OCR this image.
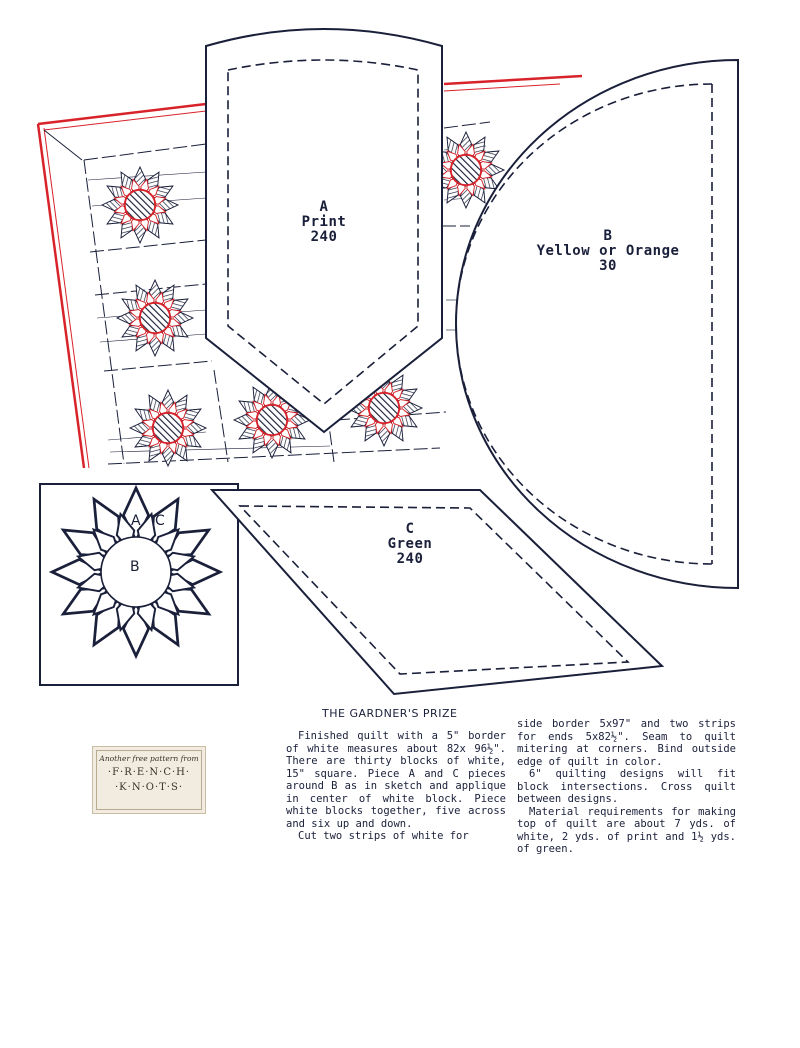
A
Print
240	B
Yellow or Orange
30
C
Green
240
A C
B
Another free pattern from
·F·R·E·N·C·H·
·K·N·O·T·S·
THE GARDNER'S PRIZE

Finished quilt with a 5" border of white measures about 82x 96½". There are thirty blocks of white, 15" square. Piece A and C pieces around B as in sketch and applique in center of white block. Piece white blocks together, five across and six up and down.

Cut two strips of white for

side border 5x97" and two strips for ends 5x82½". Seam to quilt mitering at corners. Bind outside edge of quilt in color.

6" quilting designs will fit block intersections. Cross quilt between designs.

Material requirements for making top of quilt are about 7 yds. of white, 2 yds. of print and 1½ yds. of green.
